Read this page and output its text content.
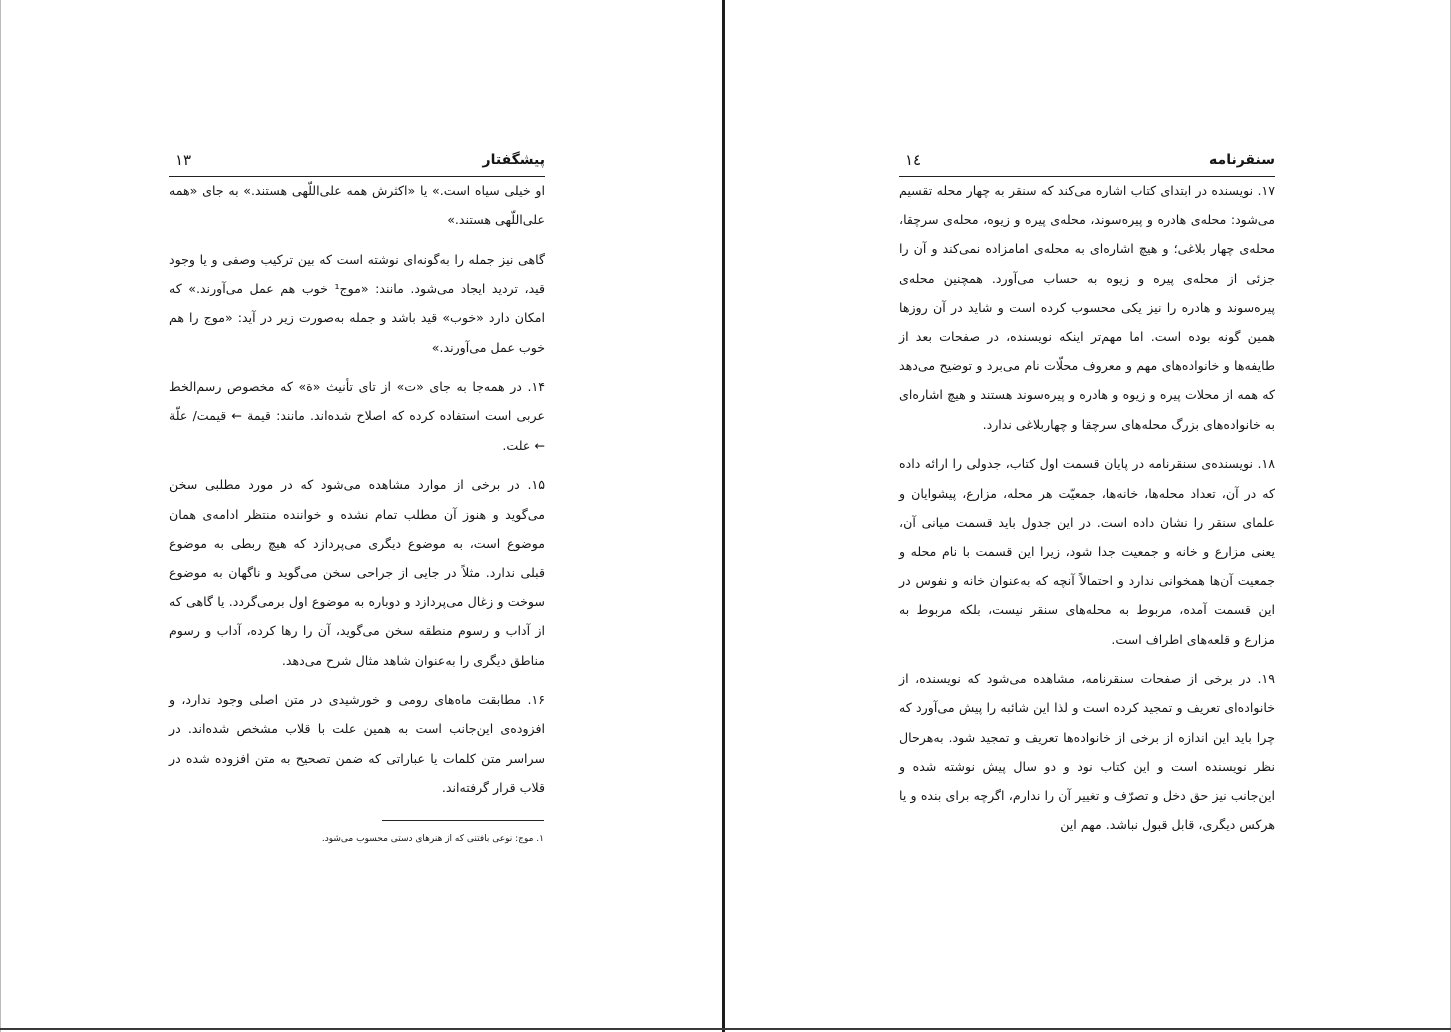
پیشگفتار
١٣

او خیلی سیاه است.» یا «اکثرش همه علی‌اللّهی هستند.» به جای «همه علی‌اللّهی هستند.»

گاهی نیز جمله را به‌گونه‌ای نوشته است که بین ترکیب وصفی و یا وجود قید، تردید ایجاد می‌شود. مانند: «موج¹ خوب هم عمل می‌آورند.» که امکان دارد «خوب» قید باشد و جمله به‌صورت زیر در آید: «موج را هم خوب عمل می‌آورند.»

۱۴. در همه‌جا به جای «ت» از تای تأنیث «ة» که مخصوص رسم‌الخط عربی است استفاده کرده که اصلاح شده‌اند. مانند: قیمة ← قیمت/ علّة ← علت.

۱۵. در برخی از موارد مشاهده می‌شود که در مورد مطلبی سخن می‌گوید و هنوز آن مطلب تمام نشده و خواننده منتظر ادامه‌ی همان موضوع است، به موضوع دیگری می‌پردازد که هیچ ربطی به موضوع قبلی ندارد. مثلاً در جایی از جراحی سخن می‌گوید و ناگهان به موضوع سوخت و زغال می‌پردازد و دوباره به موضوع اول برمی‌گردد. یا گاهی که از آداب و رسوم منطقه سخن می‌گوید، آن را رها کرده، آداب و رسوم مناطق دیگری را به‌عنوان شاهد مثال شرح می‌دهد.

۱۶. مطابقت ماه‌های رومی و خورشیدی در متن اصلی وجود ندارد، و افزوده‌ی این‌جانب است به همین علت با قلاب مشخص شده‌اند. در سراسر متن کلمات یا عباراتی که ضمن تصحیح به متن افزوده شده در قلاب قرار گرفته‌اند.

١. موج: نوعی بافتنی که از هنرهای دستی محسوب می‌شود.
سنقرنامه
١٤

۱۷. نویسنده در ابتدای کتاب اشاره می‌کند که سنقر به چهار محله تقسیم می‌شود: محله‌ی هادره و پیره‌سوند، محله‌ی پیره و زیوه، محله‌ی سرچقا، محله‌ی چهار بلاغی؛ و هیچ اشاره‌ای به محله‌ی امامزاده نمی‌کند و آن را جزئی از محله‌ی پیره و زیوه به حساب می‌آورد. همچنین محله‌ی پیره‌سوند و هادره را نیز یکی محسوب کرده است و شاید در آن روزها همین گونه بوده است. اما مهم‌تر اینکه نویسنده، در صفحات بعد از طایفه‌ها و خانواده‌های مهم و معروف محلّات نام می‌برد و توضیح می‌دهد که همه از محلات پیره و زیوه و هادره و پیره‌سوند هستند و هیچ اشاره‌ای به خانواده‌های بزرگ محله‌های سرچقا و چهاربلاغی ندارد.

۱۸. نویسنده‌ی سنقرنامه در پایان قسمت اول کتاب، جدولی را ارائه داده که در آن، تعداد محله‌ها، خانه‌ها، جمعیّت هر محله، مزارع، پیشوایان و علمای سنقر را نشان داده است. در این جدول باید قسمت میانی آن، یعنی مزارع و خانه و جمعیت جدا شود، زیرا این قسمت با نام محله و جمعیت آن‌ها همخوانی ندارد و احتمالاً آنچه که به‌عنوان خانه و نفوس در این قسمت آمده، مربوط به محله‌های سنقر نیست، بلکه مربوط به مزارع و قلعه‌های اطراف است.

۱۹. در برخی از صفحات سنقرنامه، مشاهده می‌شود که نویسنده، از خانواده‌ای تعریف و تمجید کرده است و لذا این شائبه را پیش می‌آورد که چرا باید این اندازه از برخی از خانواده‌ها تعریف و تمجید شود. به‌هرحال نظر نویسنده است و این کتاب نود و دو سال پیش نوشته شده و این‌جانب نیز حق دخل و تصرّف و تغییر آن را ندارم، اگرچه برای بنده و یا هرکس دیگری، قابل قبول نباشد. مهم این
